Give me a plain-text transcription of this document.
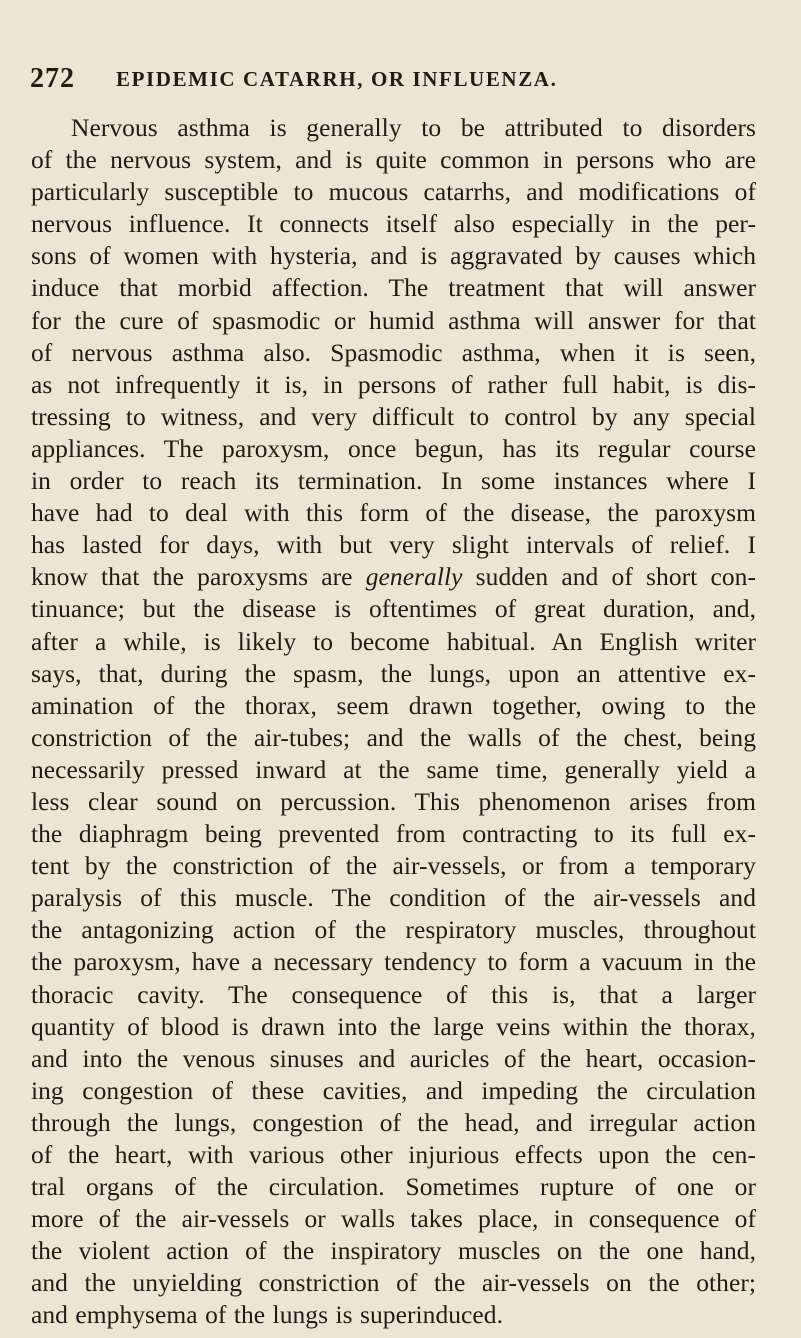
272 EPIDEMIC CATARRH, OR INFLUENZA.
Nervous asthma is generally to be attributed to disorders
of the nervous system, and is quite common in persons who are
particularly susceptible to mucous catarrhs, and modifications of
nervous influence. It connects itself also especially in the per-
sons of women with hysteria, and is aggravated by causes which
induce that morbid affection. The treatment that will answer
for the cure of spasmodic or humid asthma will answer for that
of nervous asthma also. Spasmodic asthma, when it is seen,
as not infrequently it is, in persons of rather full habit, is dis-
tressing to witness, and very difficult to control by any special
appliances. The paroxysm, once begun, has its regular course
in order to reach its termination. In some instances where I
have had to deal with this form of the disease, the paroxysm
has lasted for days, with but very slight intervals of relief. I
know that the paroxysms are generally sudden and of short con-
tinuance; but the disease is oftentimes of great duration, and,
after a while, is likely to become habitual. An English writer
says, that, during the spasm, the lungs, upon an attentive ex-
amination of the thorax, seem drawn together, owing to the
constriction of the air-tubes; and the walls of the chest, being
necessarily pressed inward at the same time, generally yield a
less clear sound on percussion. This phenomenon arises from
the diaphragm being prevented from contracting to its full ex-
tent by the constriction of the air-vessels, or from a temporary
paralysis of this muscle. The condition of the air-vessels and
the antagonizing action of the respiratory muscles, throughout
the paroxysm, have a necessary tendency to form a vacuum in the
thoracic cavity. The consequence of this is, that a larger
quantity of blood is drawn into the large veins within the thorax,
and into the venous sinuses and auricles of the heart, occasion-
ing congestion of these cavities, and impeding the circulation
through the lungs, congestion of the head, and irregular action
of the heart, with various other injurious effects upon the cen-
tral organs of the circulation. Sometimes rupture of one or
more of the air-vessels or walls takes place, in consequence of
the violent action of the inspiratory muscles on the one hand,
and the unyielding constriction of the air-vessels on the other;
and emphysema of the lungs is superinduced.
